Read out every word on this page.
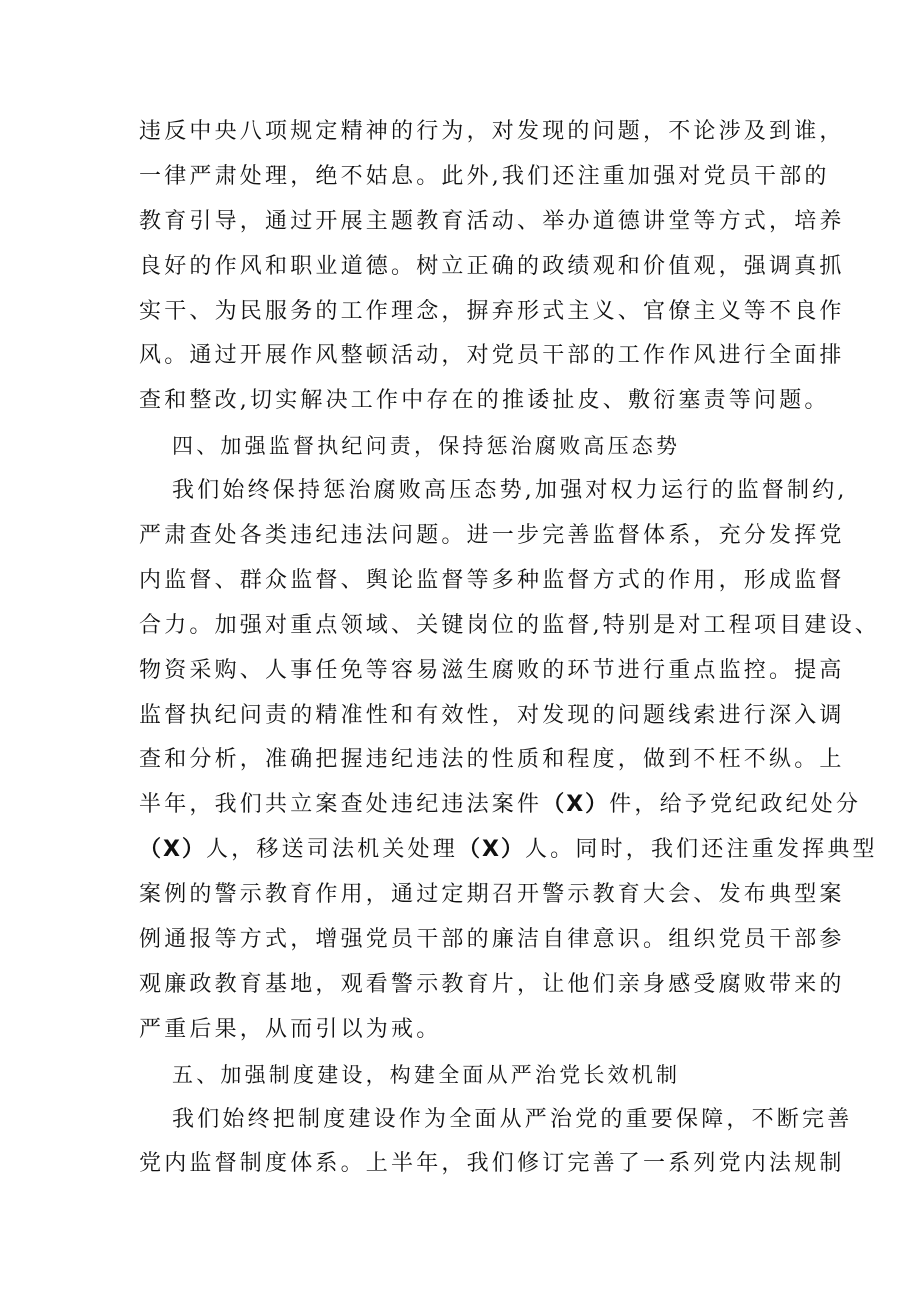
违反中央八项规定精神的行为，对发现的问题，不论涉及到谁，
一律严肃处理，绝不姑息。此外,我们还注重加强对党员干部的
教育引导，通过开展主题教育活动、举办道德讲堂等方式，培养
良好的作风和职业道德。树立正确的政绩观和价值观，强调真抓
实干、为民服务的工作理念，摒弃形式主义、官僚主义等不良作
风。通过开展作风整顿活动，对党员干部的工作作风进行全面排
查和整改,切实解决工作中存在的推诿扯皮、敷衍塞责等问题。
四、加强监督执纪问责，保持惩治腐败高压态势
我们始终保持惩治腐败高压态势,加强对权力运行的监督制约,
严肃查处各类违纪违法问题。进一步完善监督体系，充分发挥党
内监督、群众监督、舆论监督等多种监督方式的作用，形成监督
合力。加强对重点领域、关键岗位的监督,特别是对工程项目建设、
物资采购、人事任免等容易滋生腐败的环节进行重点监控。提高
监督执纪问责的精准性和有效性，对发现的问题线索进行深入调
查和分析，准确把握违纪违法的性质和程度，做到不枉不纵。上
半年，我们共立案查处违纪违法案件（X）件，给予党纪政纪处分
（X）人，移送司法机关处理（X）人。同时，我们还注重发挥典型
案例的警示教育作用，通过定期召开警示教育大会、发布典型案
例通报等方式，增强党员干部的廉洁自律意识。组织党员干部参
观廉政教育基地，观看警示教育片，让他们亲身感受腐败带来的
严重后果，从而引以为戒。
五、加强制度建设，构建全面从严治党长效机制
我们始终把制度建设作为全面从严治党的重要保障，不断完善
党内监督制度体系。上半年，我们修订完善了一系列党内法规制
